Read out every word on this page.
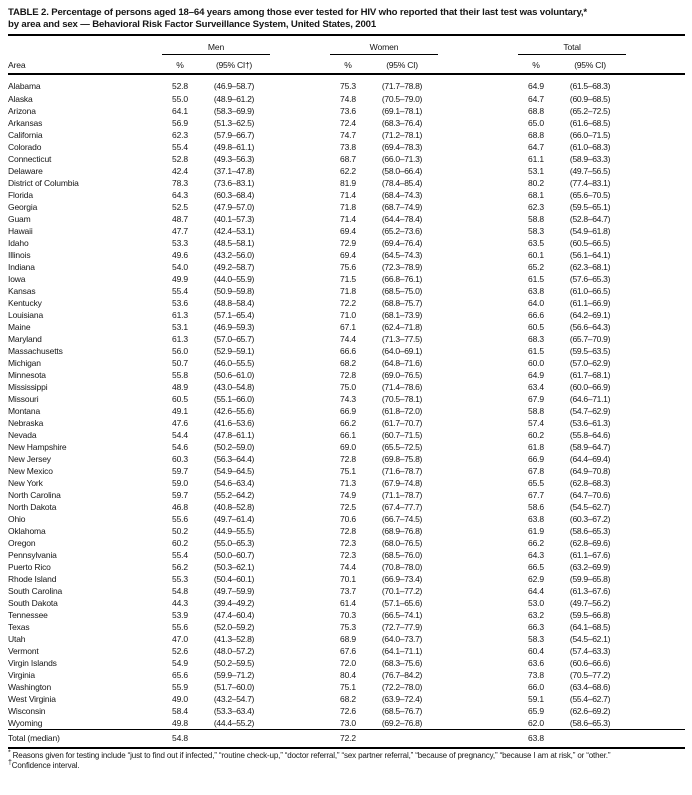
TABLE 2. Percentage of persons aged 18–64 years among those ever tested for HIV who reported that their last test was voluntary,*
by area and sex — Behavioral Risk Factor Surveillance System, United States, 2001
	Men			Women			Total		
Area	%	(95% CI†)		%	(95% CI)		%	(95% CI)	
Alabama	52.8	(46.9–58.7)		75.3	(71.7–78.8)		64.9	(61.5–68.3)	
Alaska	55.0	(48.9–61.2)		74.8	(70.5–79.0)		64.7	(60.9–68.5)	
Arizona	64.1	(58.3–69.9)		73.6	(69.1–78.1)		68.8	(65.2–72.5)	
Arkansas	56.9	(51.3–62.5)		72.4	(68.3–76.4)		65.0	(61.6–68.5)	
California	62.3	(57.9–66.7)		74.7	(71.2–78.1)		68.8	(66.0–71.5)	
Colorado	55.4	(49.8–61.1)		73.8	(69.4–78.3)		64.7	(61.0–68.3)	
Connecticut	52.8	(49.3–56.3)		68.7	(66.0–71.3)		61.1	(58.9–63.3)	
Delaware	42.4	(37.1–47.8)		62.2	(58.0–66.4)		53.1	(49.7–56.5)	
District of Columbia	78.3	(73.6–83.1)		81.9	(78.4–85.4)		80.2	(77.4–83.1)	
Florida	64.3	(60.3–68.4)		71.4	(68.4–74.3)		68.1	(65.6–70.5)	
Georgia	52.5	(47.9–57.0)		71.8	(68.7–74.9)		62.3	(59.5–65.1)	
Guam	48.7	(40.1–57.3)		71.4	(64.4–78.4)		58.8	(52.8–64.7)	
Hawaii	47.7	(42.4–53.1)		69.4	(65.2–73.6)		58.3	(54.9–61.8)	
Idaho	53.3	(48.5–58.1)		72.9	(69.4–76.4)		63.5	(60.5–66.5)	
Illinois	49.6	(43.2–56.0)		69.4	(64.5–74.3)		60.1	(56.1–64.1)	
Indiana	54.0	(49.2–58.7)		75.6	(72.3–78.9)		65.2	(62.3–68.1)	
Iowa	49.9	(44.0–55.9)		71.5	(66.8–76.1)		61.5	(57.6–65.3)	
Kansas	55.4	(50.9–59.8)		71.8	(68.5–75.0)		63.8	(61.0–66.5)	
Kentucky	53.6	(48.8–58.4)		72.2	(68.8–75.7)		64.0	(61.1–66.9)	
Louisiana	61.3	(57.1–65.4)		71.0	(68.1–73.9)		66.6	(64.2–69.1)	
Maine	53.1	(46.9–59.3)		67.1	(62.4–71.8)		60.5	(56.6–64.3)	
Maryland	61.3	(57.0–65.7)		74.4	(71.3–77.5)		68.3	(65.7–70.9)	
Massachusetts	56.0	(52.9–59.1)		66.6	(64.0–69.1)		61.5	(59.5–63.5)	
Michigan	50.7	(46.0–55.5)		68.2	(64.8–71.6)		60.0	(57.0–62.9)	
Minnesota	55.8	(50.6–61.0)		72.8	(69.0–76.5)		64.9	(61.7–68.1)	
Mississippi	48.9	(43.0–54.8)		75.0	(71.4–78.6)		63.4	(60.0–66.9)	
Missouri	60.5	(55.1–66.0)		74.3	(70.5–78.1)		67.9	(64.6–71.1)	
Montana	49.1	(42.6–55.6)		66.9	(61.8–72.0)		58.8	(54.7–62.9)	
Nebraska	47.6	(41.6–53.6)		66.2	(61.7–70.7)		57.4	(53.6–61.3)	
Nevada	54.4	(47.8–61.1)		66.1	(60.7–71.5)		60.2	(55.8–64.6)	
New Hampshire	54.6	(50.2–59.0)		69.0	(65.5–72.5)		61.8	(58.9–64.7)	
New Jersey	60.3	(56.3–64.4)		72.8	(69.8–75.8)		66.9	(64.4–69.4)	
New Mexico	59.7	(54.9–64.5)		75.1	(71.6–78.7)		67.8	(64.9–70.8)	
New York	59.0	(54.6–63.4)		71.3	(67.9–74.8)		65.5	(62.8–68.3)	
North Carolina	59.7	(55.2–64.2)		74.9	(71.1–78.7)		67.7	(64.7–70.6)	
North Dakota	46.8	(40.8–52.8)		72.5	(67.4–77.7)		58.6	(54.5–62.7)	
Ohio	55.6	(49.7–61.4)		70.6	(66.7–74.5)		63.8	(60.3–67.2)	
Oklahoma	50.2	(44.9–55.5)		72.8	(68.9–76.8)		61.9	(58.6–65.3)	
Oregon	60.2	(55.0–65.3)		72.3	(68.0–76.5)		66.2	(62.8–69.6)	
Pennsylvania	55.4	(50.0–60.7)		72.3	(68.5–76.0)		64.3	(61.1–67.6)	
Puerto Rico	56.2	(50.3–62.1)		74.4	(70.8–78.0)		66.5	(63.2–69.9)	
Rhode Island	55.3	(50.4–60.1)		70.1	(66.9–73.4)		62.9	(59.9–65.8)	
South Carolina	54.8	(49.7–59.9)		73.7	(70.1–77.2)		64.4	(61.3–67.6)	
South Dakota	44.3	(39.4–49.2)		61.4	(57.1–65.6)		53.0	(49.7–56.2)	
Tennessee	53.9	(47.4–60.4)		70.3	(66.5–74.1)		63.2	(59.5–66.8)	
Texas	55.6	(52.0–59.2)		75.3	(72.7–77.9)		66.3	(64.1–68.5)	
Utah	47.0	(41.3–52.8)		68.9	(64.0–73.7)		58.3	(54.5–62.1)	
Vermont	52.6	(48.0–57.2)		67.6	(64.1–71.1)		60.4	(57.4–63.3)	
Virgin Islands	54.9	(50.2–59.5)		72.0	(68.3–75.6)		63.6	(60.6–66.6)	
Virginia	65.6	(59.9–71.2)		80.4	(76.7–84.2)		73.8	(70.5–77.2)	
Washington	55.9	(51.7–60.0)		75.1	(72.2–78.0)		66.0	(63.4–68.6)	
West Virginia	49.0	(43.2–54.7)		68.2	(63.9–72.4)		59.1	(55.4–62.7)	
Wisconsin	58.4	(53.3–63.4)		72.6	(68.5–76.7)		65.9	(62.6–69.2)	
Wyoming	49.8	(44.4–55.2)		73.0	(69.2–76.8)		62.0	(58.6–65.3)	
Total (median)	54.8			72.2			63.8		

* Reasons given for testing include “just to find out if infected,” “routine check-up,” “doctor referral,” “sex partner referral,” “because of pregnancy,” “because I am at risk,” or “other.”

†Confidence interval.
